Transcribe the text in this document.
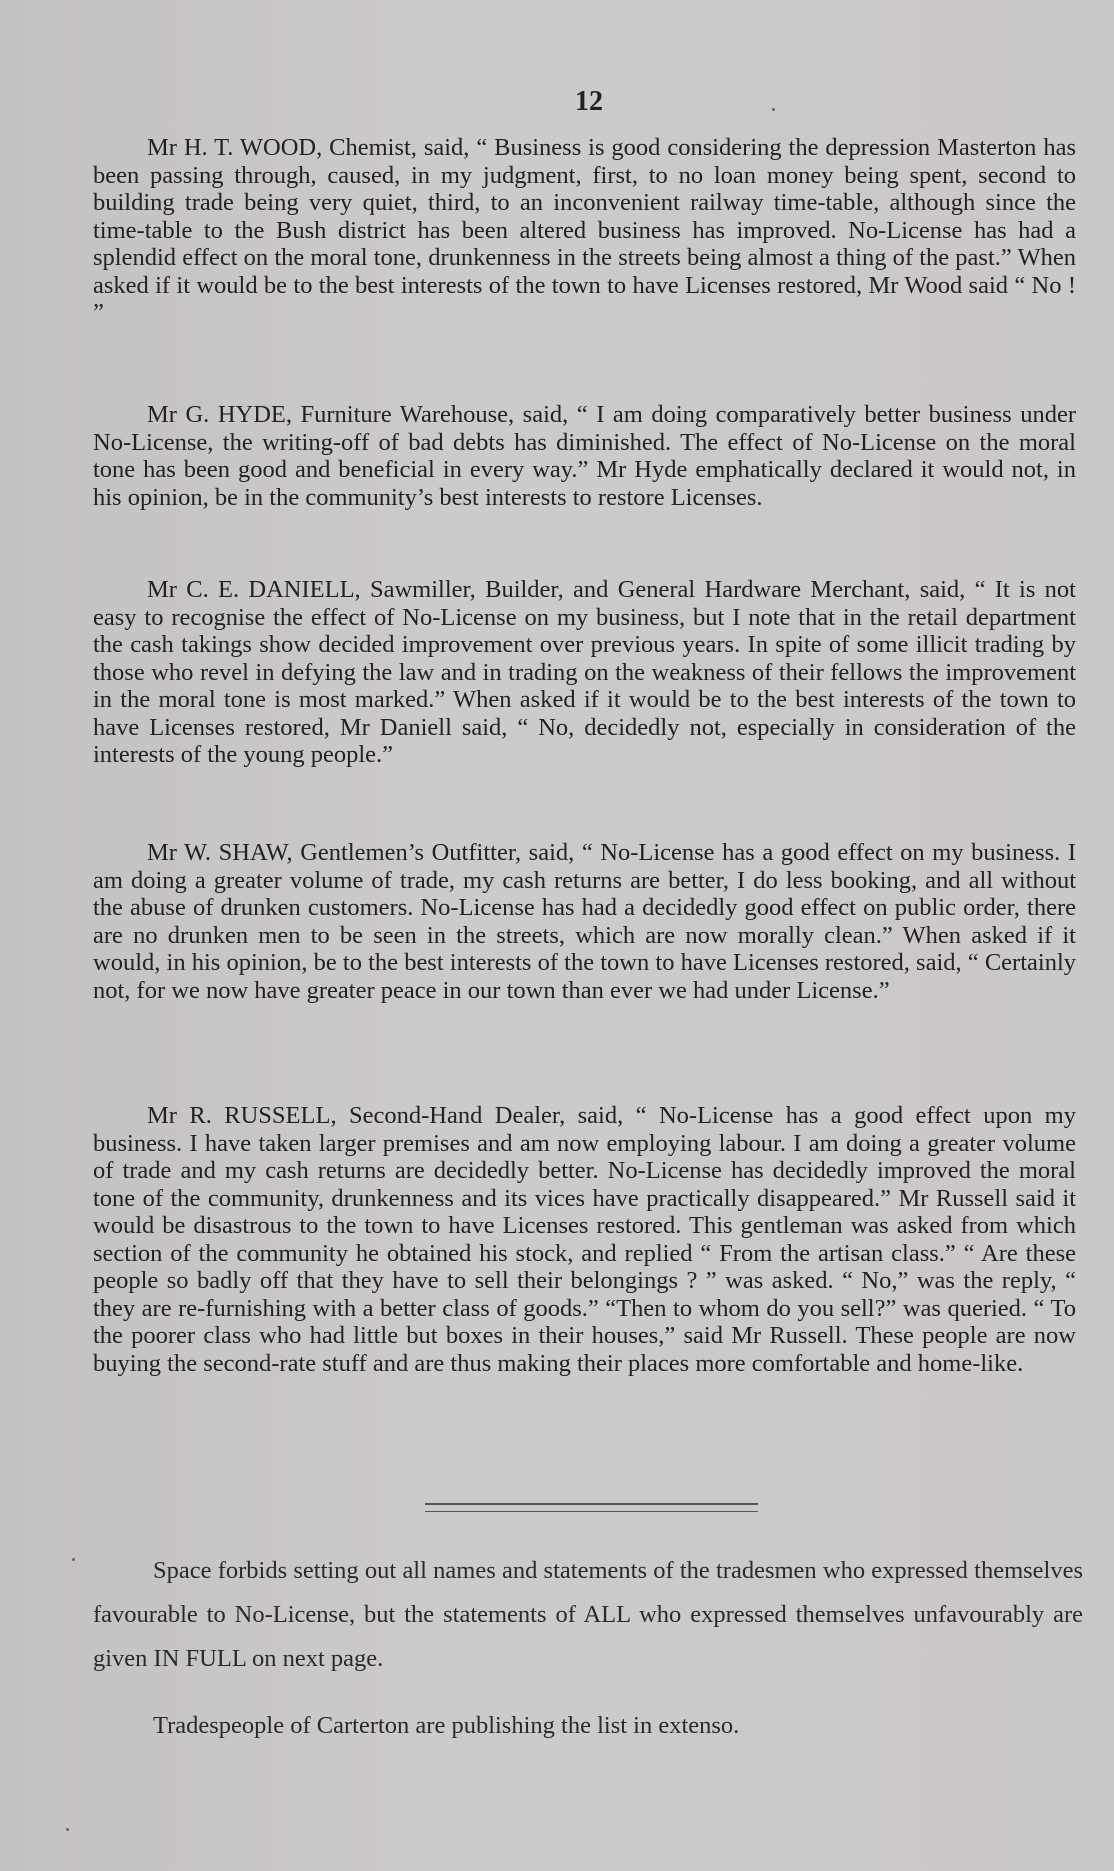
12
Mr H. T. WOOD, Chemist, said, “ Business is good considering the depression Masterton has been passing through, caused, in my judgment, first, to no loan money being spent, second to building trade being very quiet, third, to an inconvenient railway time-table, although since the time-table to the Bush district has been altered business has improved. No-License has had a splendid effect on the moral tone, drunkenness in the streets being almost a thing of the past.” When asked if it would be to the best interests of the town to have Licenses restored, Mr Wood said “ No ! ”
Mr G. HYDE, Furniture Warehouse, said, “ I am doing comparatively better business under No-License, the writing-off of bad debts has diminished. The effect of No-License on the moral tone has been good and beneficial in every way.” Mr Hyde emphatically declared it would not, in his opinion, be in the community’s best interests to restore Licenses.
Mr C. E. DANIELL, Sawmiller, Builder, and General Hardware Merchant, said, “ It is not easy to recognise the effect of No-License on my business, but I note that in the retail department the cash takings show decided improvement over previous years. In spite of some illicit trading by those who revel in defying the law and in trading on the weakness of their fellows the improvement in the moral tone is most marked.” When asked if it would be to the best interests of the town to have Licenses restored, Mr Daniell said, “ No, decidedly not, especially in consideration of the interests of the young people.”
Mr W. SHAW, Gentlemen’s Outfitter, said, “ No-License has a good effect on my business. I am doing a greater volume of trade, my cash returns are better, I do less booking, and all without the abuse of drunken customers. No-License has had a decidedly good effect on public order, there are no drunken men to be seen in the streets, which are now morally clean.” When asked if it would, in his opinion, be to the best interests of the town to have Licenses restored, said, “ Certainly not, for we now have greater peace in our town than ever we had under License.”
Mr R. RUSSELL, Second-Hand Dealer, said, “ No-License has a good effect upon my business. I have taken larger premises and am now employing labour. I am doing a greater volume of trade and my cash returns are decidedly better. No-License has decidedly improved the moral tone of the community, drunkenness and its vices have practically disappeared.” Mr Russell said it would be disastrous to the town to have Licenses restored. This gentleman was asked from which section of the community he obtained his stock, and replied “ From the artisan class.” “ Are these people so badly off that they have to sell their belongings ? ” was asked. “ No,” was the reply, “ they are re-furnishing with a better class of goods.” “Then to whom do you sell?” was queried. “ To the poorer class who had little but boxes in their houses,” said Mr Russell. These people are now buying the second-rate stuff and are thus making their places more comfortable and home-like.
Space forbids setting out all names and statements of the tradesmen who expressed themselves favourable to No-License, but the statements of ALL who expressed themselves unfavourably are given IN FULL on next page.
Tradespeople of Carterton are publishing the list in extenso.
